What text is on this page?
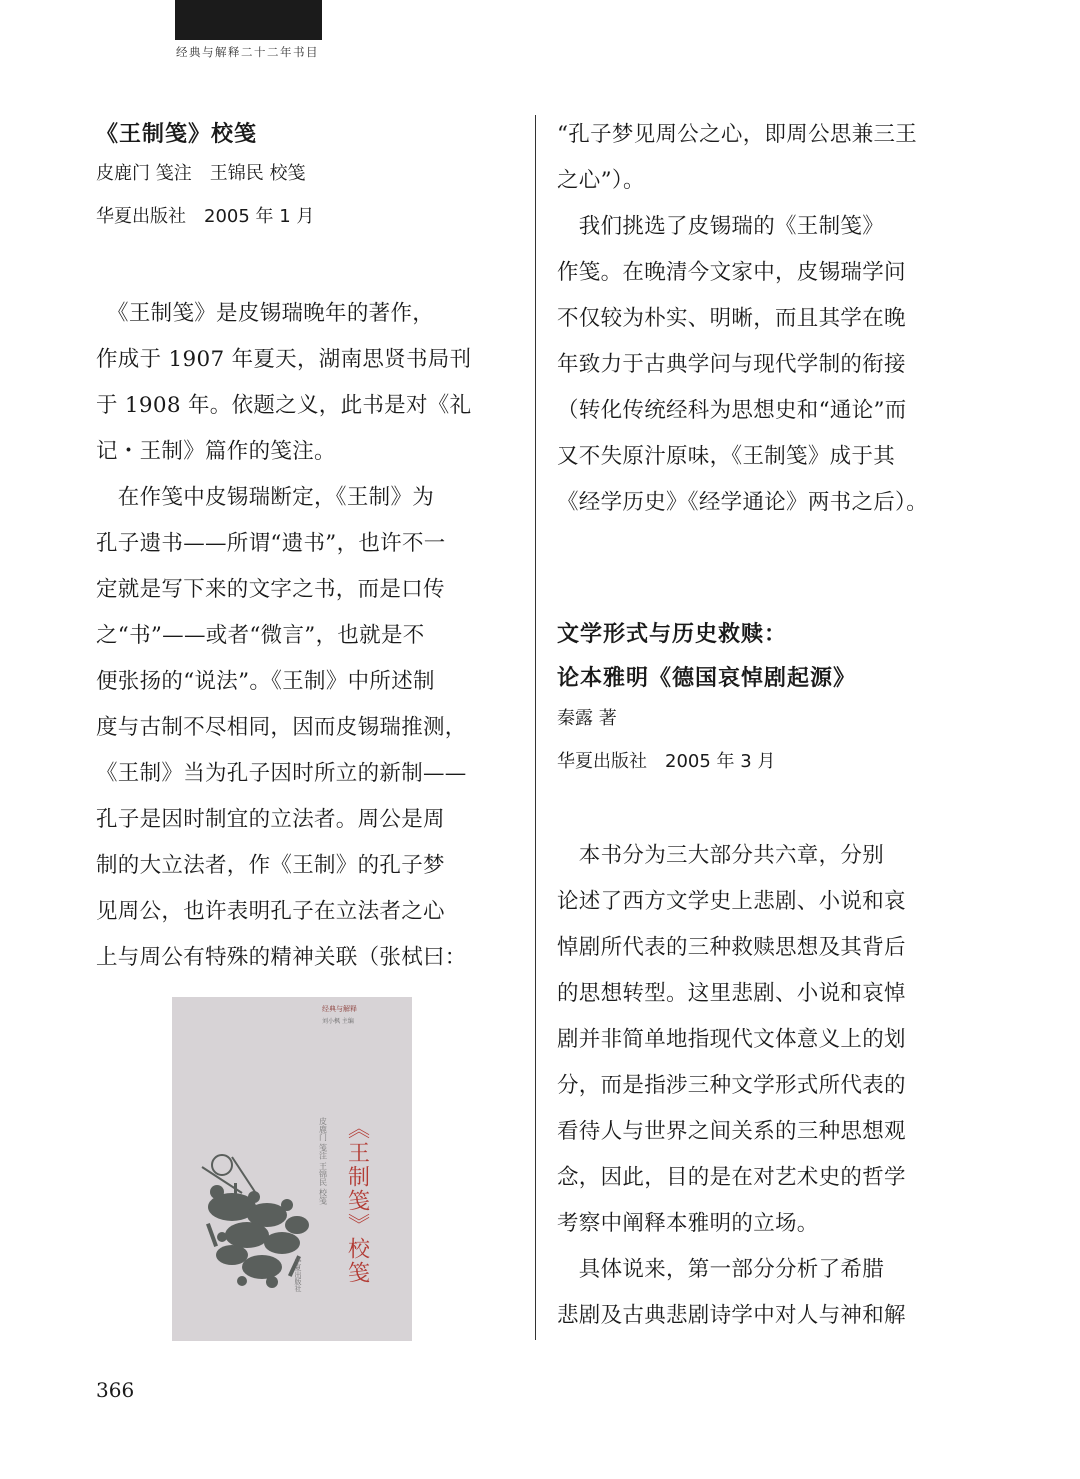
经典与解释二十二年书目

《王制笺》校笺

皮鹿门 笺注　王锦民 校笺

华夏出版社　2005 年 1 月

　《王制笺》是皮锡瑞晚年的著作，

作成于 1907 年夏天，湖南思贤书局刊

于 1908 年。依题之义，此书是对《礼

记・王制》篇作的笺注。

　在作笺中皮锡瑞断定，《王制》为

孔子遗书——所谓“遗书”，也许不一

定就是写下来的文字之书，而是口传

之“书”——或者“微言”，也就是不

便张扬的“说法”。《王制》中所述制

度与古制不尽相同，因而皮锡瑞推测，

《王制》当为孔子因时所立的新制——

孔子是因时制宜的立法者。周公是周

制的大立法者，作《王制》的孔子梦

见周公，也许表明孔子在立法者之心

上与周公有特殊的精神关联（张栻曰：

经典与解释
刘小枫 主编
《王制笺》校笺
皮鹿门 笺注 王锦民 校笺
华夏出版社

“孔子梦见周公之心，即周公思兼三王

之心”）。

　我们挑选了皮锡瑞的《王制笺》

作笺。在晚清今文家中，皮锡瑞学问

不仅较为朴实、明晰，而且其学在晚

年致力于古典学问与现代学制的衔接

（转化传统经科为思想史和“通论”而

又不失原汁原味，《王制笺》成于其

《经学历史》《经学通论》两书之后）。

文学形式与历史救赎：

论本雅明《德国哀悼剧起源》

秦露 著

华夏出版社　2005 年 3 月

　本书分为三大部分共六章，分别

论述了西方文学史上悲剧、小说和哀

悼剧所代表的三种救赎思想及其背后

的思想转型。这里悲剧、小说和哀悼

剧并非简单地指现代文体意义上的划

分，而是指涉三种文学形式所代表的

看待人与世界之间关系的三种思想观

念，因此，目的是在对艺术史的哲学

考察中阐释本雅明的立场。

　具体说来，第一部分分析了希腊

悲剧及古典悲剧诗学中对人与神和解

366
